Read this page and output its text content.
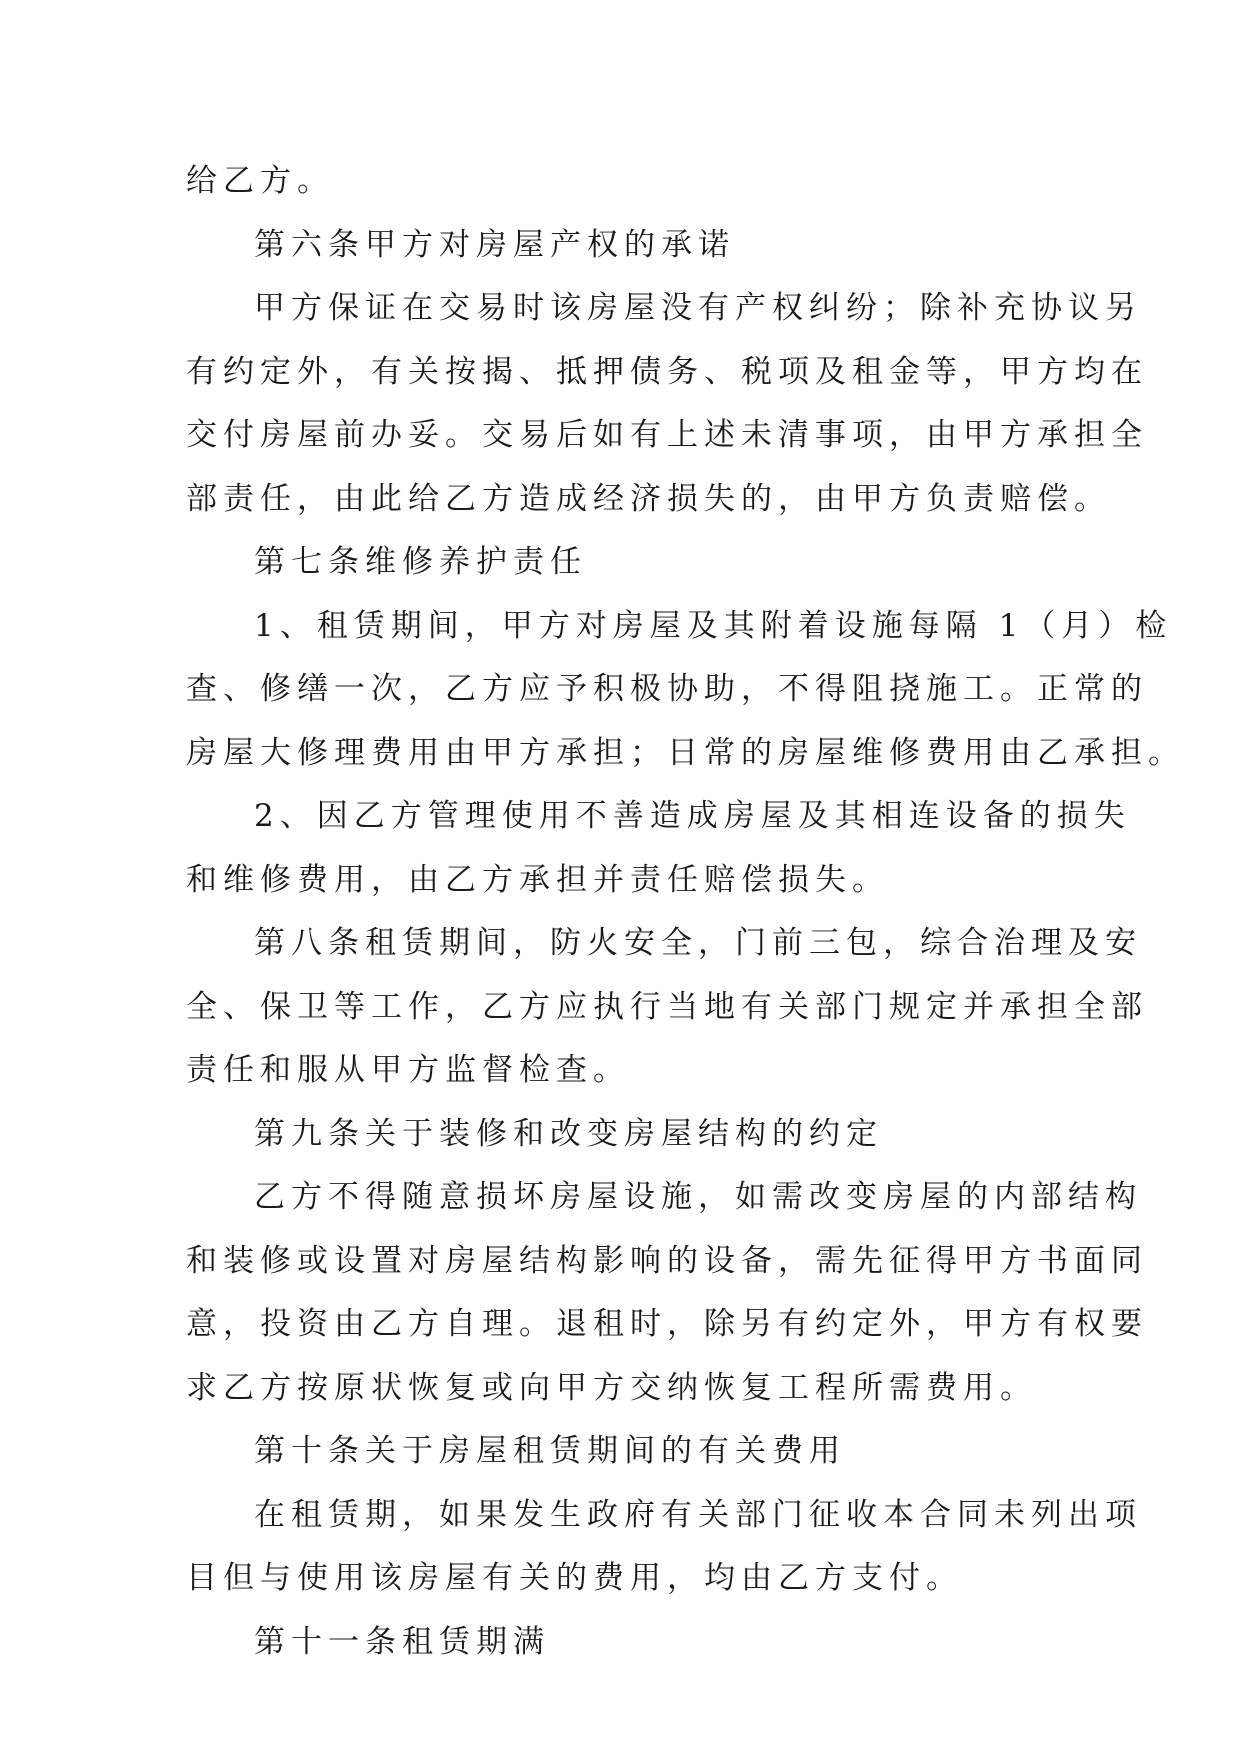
给乙方。

第六条甲方对房屋产权的承诺

甲方保证在交易时该房屋没有产权纠纷；除补充协议另

有约定外，有关按揭、抵押债务、税项及租金等，甲方均在

交付房屋前办妥。交易后如有上述未清事项，由甲方承担全

部责任，由此给乙方造成经济损失的，由甲方负责赔偿。

第七条维修养护责任

1、租赁期间，甲方对房屋及其附着设施每隔 1（月）检

查、修缮一次，乙方应予积极协助，不得阻挠施工。正常的

房屋大修理费用由甲方承担；日常的房屋维修费用由乙承担。

2、因乙方管理使用不善造成房屋及其相连设备的损失

和维修费用，由乙方承担并责任赔偿损失。

第八条租赁期间，防火安全，门前三包，综合治理及安

全、保卫等工作，乙方应执行当地有关部门规定并承担全部

责任和服从甲方监督检查。

第九条关于装修和改变房屋结构的约定

乙方不得随意损坏房屋设施，如需改变房屋的内部结构

和装修或设置对房屋结构影响的设备，需先征得甲方书面同

意，投资由乙方自理。退租时，除另有约定外，甲方有权要

求乙方按原状恢复或向甲方交纳恢复工程所需费用。

第十条关于房屋租赁期间的有关费用

在租赁期，如果发生政府有关部门征收本合同未列出项

目但与使用该房屋有关的费用，均由乙方支付。

第十一条租赁期满
